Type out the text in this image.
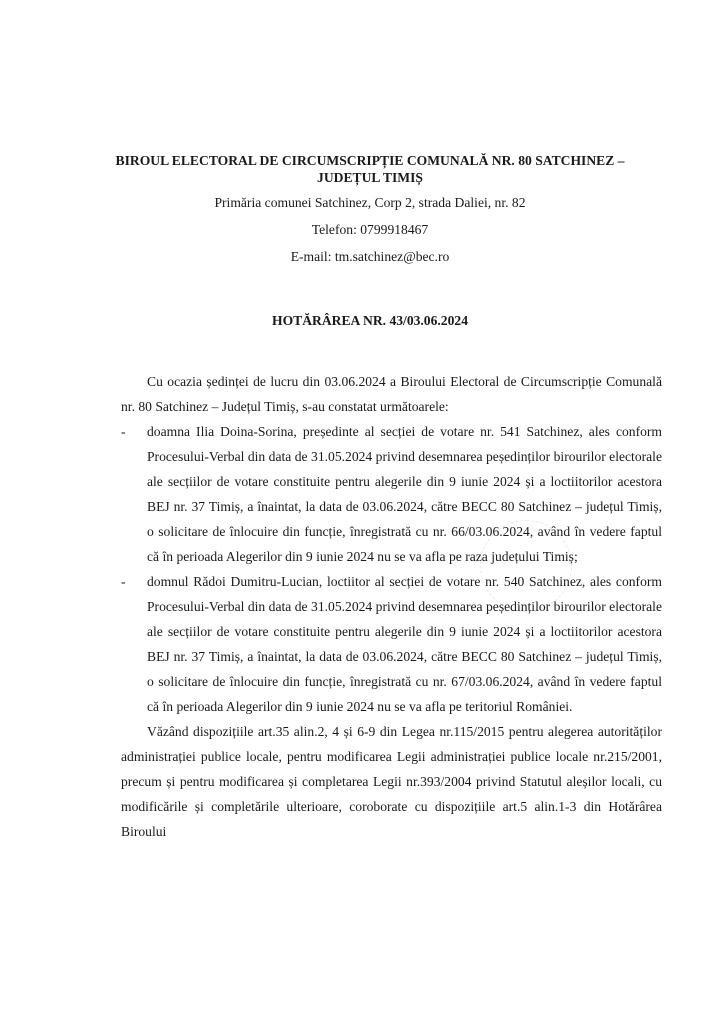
BIROUL ELECTORAL DE CIRCUMSCRIPȚIE COMUNALĂ NR. 80 SATCHINEZ –
JUDEȚUL TIMIȘ
Primăria comunei Satchinez, Corp 2, strada Daliei, nr. 82
Telefon: 0799918467
E-mail: tm.satchinez@bec.ro
HOTĂRÂREA NR. 43/03.06.2024

Cu ocazia ședinței de lucru din 03.06.2024 a Biroului Electoral de Circumscripție Comunală nr. 80 Satchinez – Județul Timiș, s-au constatat următoarele:

- doamna Ilia Doina-Sorina, președinte al secției de votare nr. 541 Satchinez, ales conform Procesului-Verbal din data de 31.05.2024 privind desemnarea peședinților birourilor electorale ale secțiilor de votare constituite pentru alegerile din 9 iunie 2024 și a loctiitorilor acestora BEJ nr. 37 Timiș, a înaintat, la data de 03.06.2024, către BECC 80 Satchinez – județul Timiș, o solicitare de înlocuire din funcție, înregistrată cu nr. 66/03.06.2024, având în vedere faptul că în perioada Alegerilor din 9 iunie 2024 nu se va afla pe raza județului Timiș;
- domnul Rădoi Dumitru-Lucian, loctiitor al secției de votare nr. 540 Satchinez, ales conform Procesului-Verbal din data de 31.05.2024 privind desemnarea peședinților birourilor electorale ale secțiilor de votare constituite pentru alegerile din 9 iunie 2024 și a loctiitorilor acestora BEJ nr. 37 Timiș, a înaintat, la data de 03.06.2024, către BECC 80 Satchinez – județul Timiș, o solicitare de înlocuire din funcție, înregistrată cu nr. 67/03.06.2024, având în vedere faptul că în perioada Alegerilor din 9 iunie 2024 nu se va afla pe teritoriul României.

Văzând dispozițiile art.35 alin.2, 4 și 6-9 din Legea nr.115/2015 pentru alegerea autorităților administrației publice locale, pentru modificarea Legii administrației publice locale nr.215/2001, precum și pentru modificarea și completarea Legii nr.393/2004 privind Statutul aleșilor locali, cu modificările și completările ulterioare, coroborate cu dispozițiile art.5 alin.1-3 din Hotărârea Biroului
